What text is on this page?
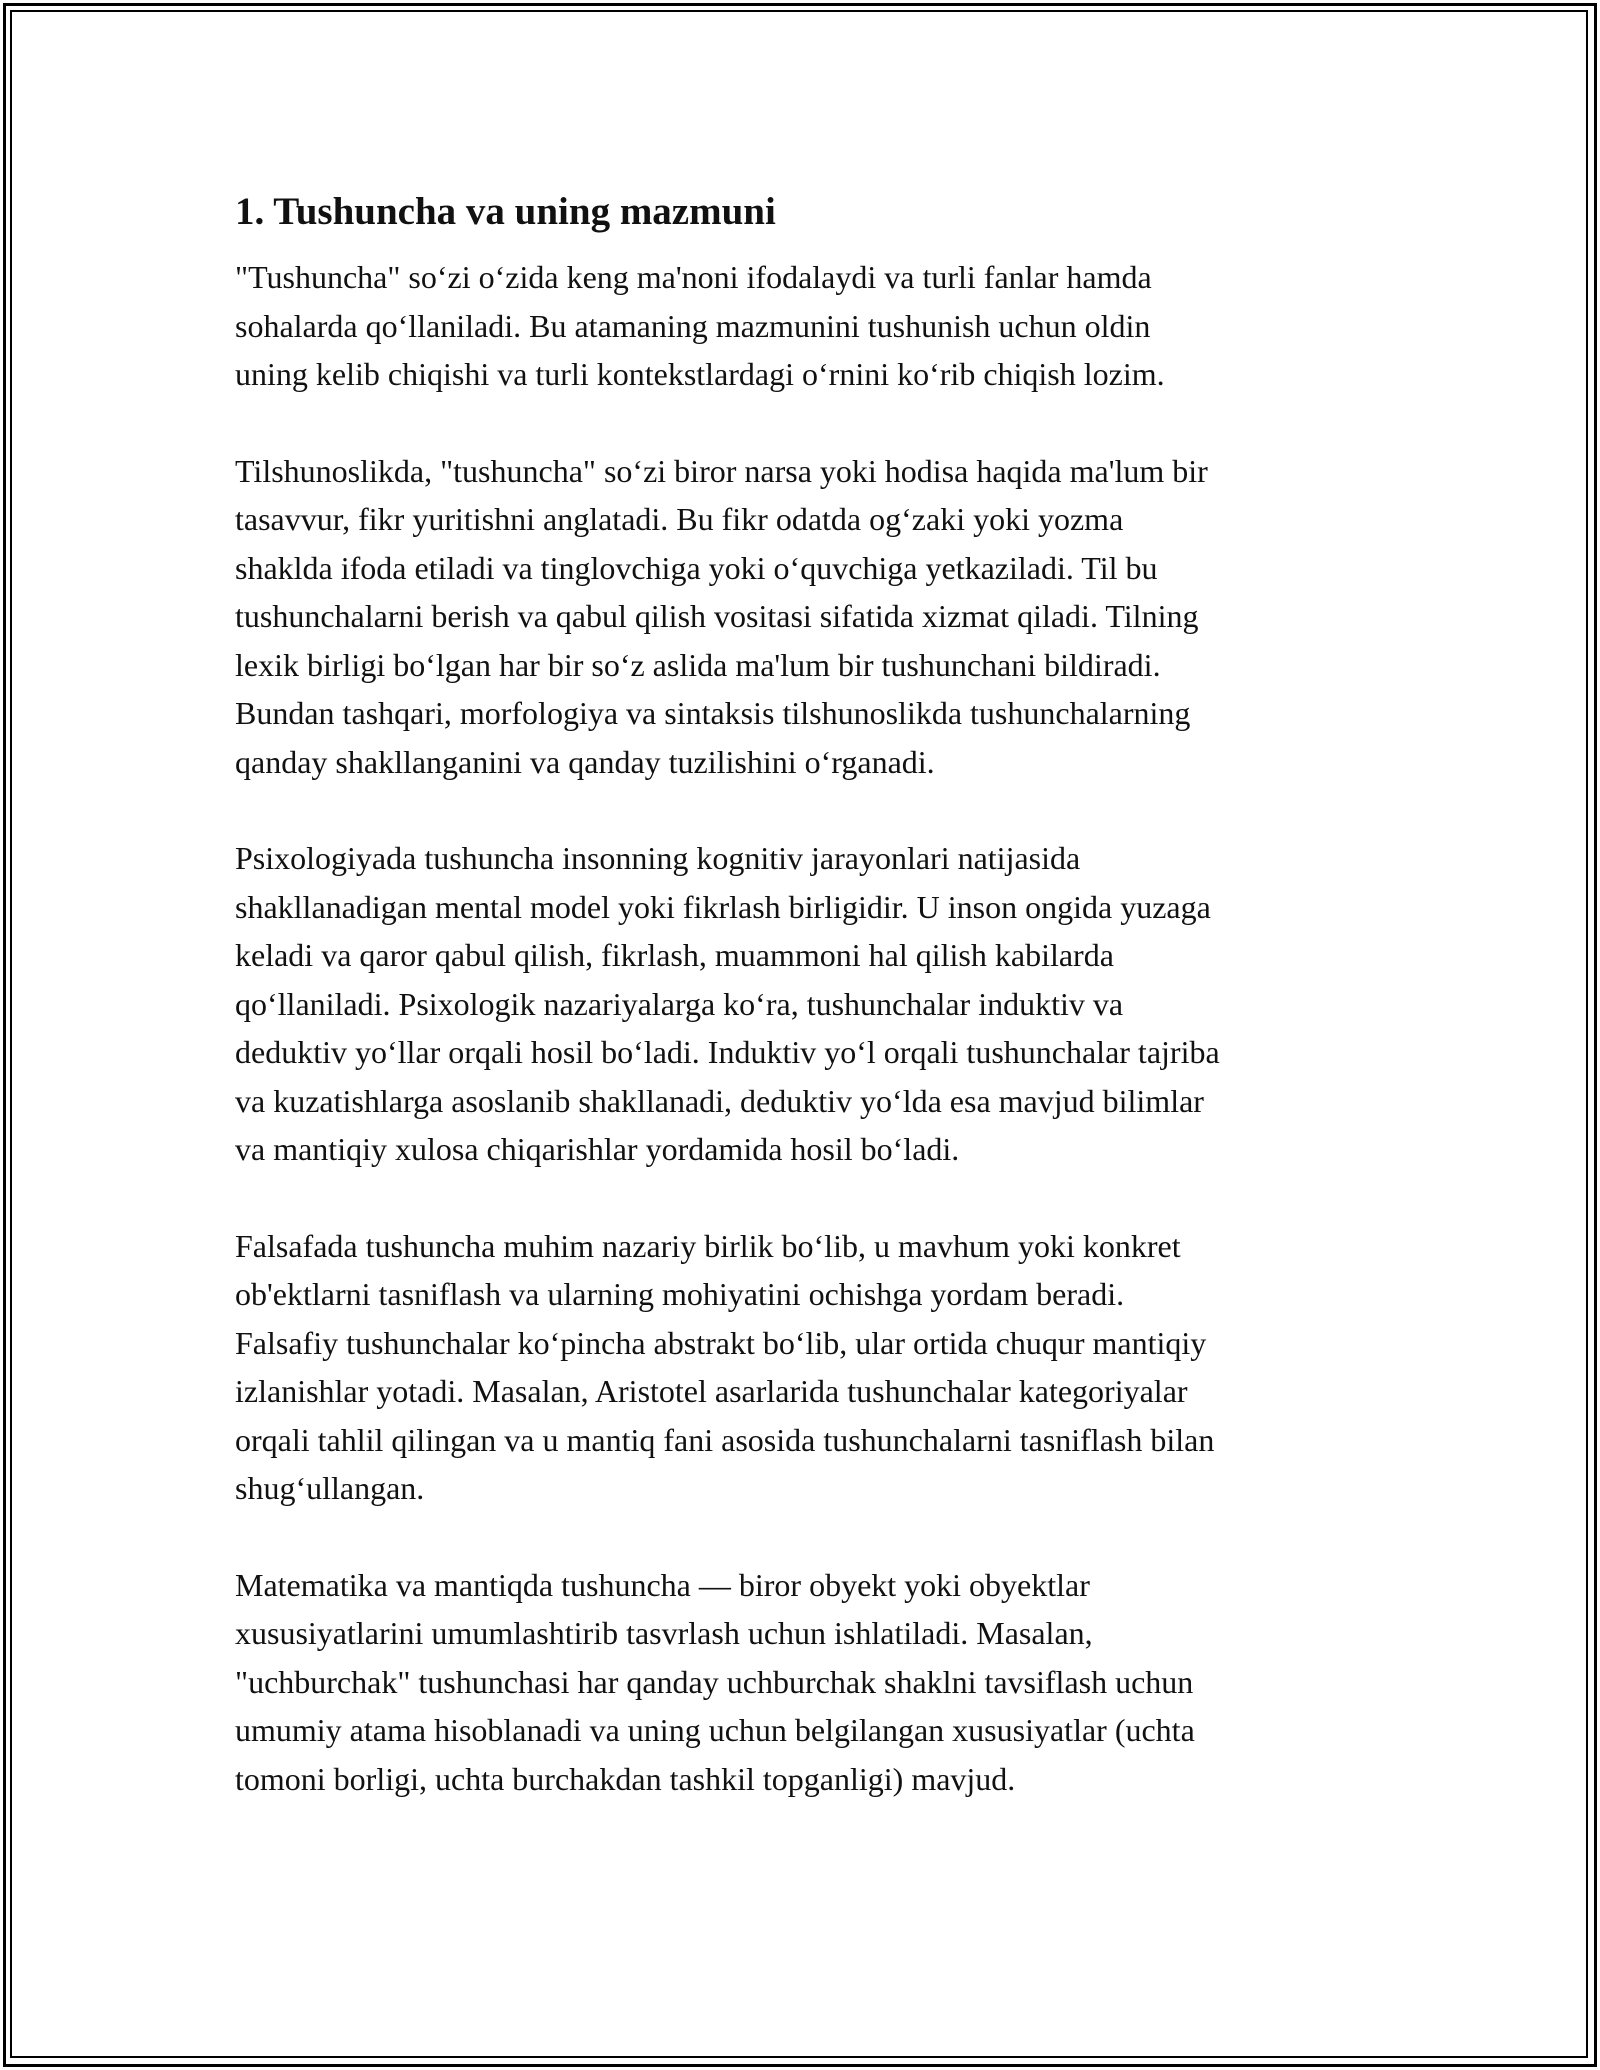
1. Tushuncha va uning mazmuni
"Tushuncha" so‘zi o‘zida keng ma'noni ifodalaydi va turli fanlar hamda
sohalarda qo‘llaniladi. Bu atamaning mazmunini tushunish uchun oldin
uning kelib chiqishi va turli kontekstlardagi o‘rnini ko‘rib chiqish lozim.
Tilshunoslikda, "tushuncha" so‘zi biror narsa yoki hodisa haqida ma'lum bir
tasavvur, fikr yuritishni anglatadi. Bu fikr odatda og‘zaki yoki yozma
shaklda ifoda etiladi va tinglovchiga yoki o‘quvchiga yetkaziladi. Til bu
tushunchalarni berish va qabul qilish vositasi sifatida xizmat qiladi. Tilning
lexik birligi bo‘lgan har bir so‘z aslida ma'lum bir tushunchani bildiradi.
Bundan tashqari, morfologiya va sintaksis tilshunoslikda tushunchalarning
qanday shakllanganini va qanday tuzilishini o‘rganadi.
Psixologiyada tushuncha insonning kognitiv jarayonlari natijasida
shakllanadigan mental model yoki fikrlash birligidir. U inson ongida yuzaga
keladi va qaror qabul qilish, fikrlash, muammoni hal qilish kabilarda
qo‘llaniladi. Psixologik nazariyalarga ko‘ra, tushunchalar induktiv va
deduktiv yo‘llar orqali hosil bo‘ladi. Induktiv yo‘l orqali tushunchalar tajriba
va kuzatishlarga asoslanib shakllanadi, deduktiv yo‘lda esa mavjud bilimlar
va mantiqiy xulosa chiqarishlar yordamida hosil bo‘ladi.
Falsafada tushuncha muhim nazariy birlik bo‘lib, u mavhum yoki konkret
ob'ektlarni tasniflash va ularning mohiyatini ochishga yordam beradi.
Falsafiy tushunchalar ko‘pincha abstrakt bo‘lib, ular ortida chuqur mantiqiy
izlanishlar yotadi. Masalan, Aristotel asarlarida tushunchalar kategoriyalar
orqali tahlil qilingan va u mantiq fani asosida tushunchalarni tasniflash bilan
shug‘ullangan.
Matematika va mantiqda tushuncha — biror obyekt yoki obyektlar
xususiyatlarini umumlashtirib tasvrlash uchun ishlatiladi. Masalan,
"uchburchak" tushunchasi har qanday uchburchak shaklni tavsiflash uchun
umumiy atama hisoblanadi va uning uchun belgilangan xususiyatlar (uchta
tomoni borligi, uchta burchakdan tashkil topganligi) mavjud.
